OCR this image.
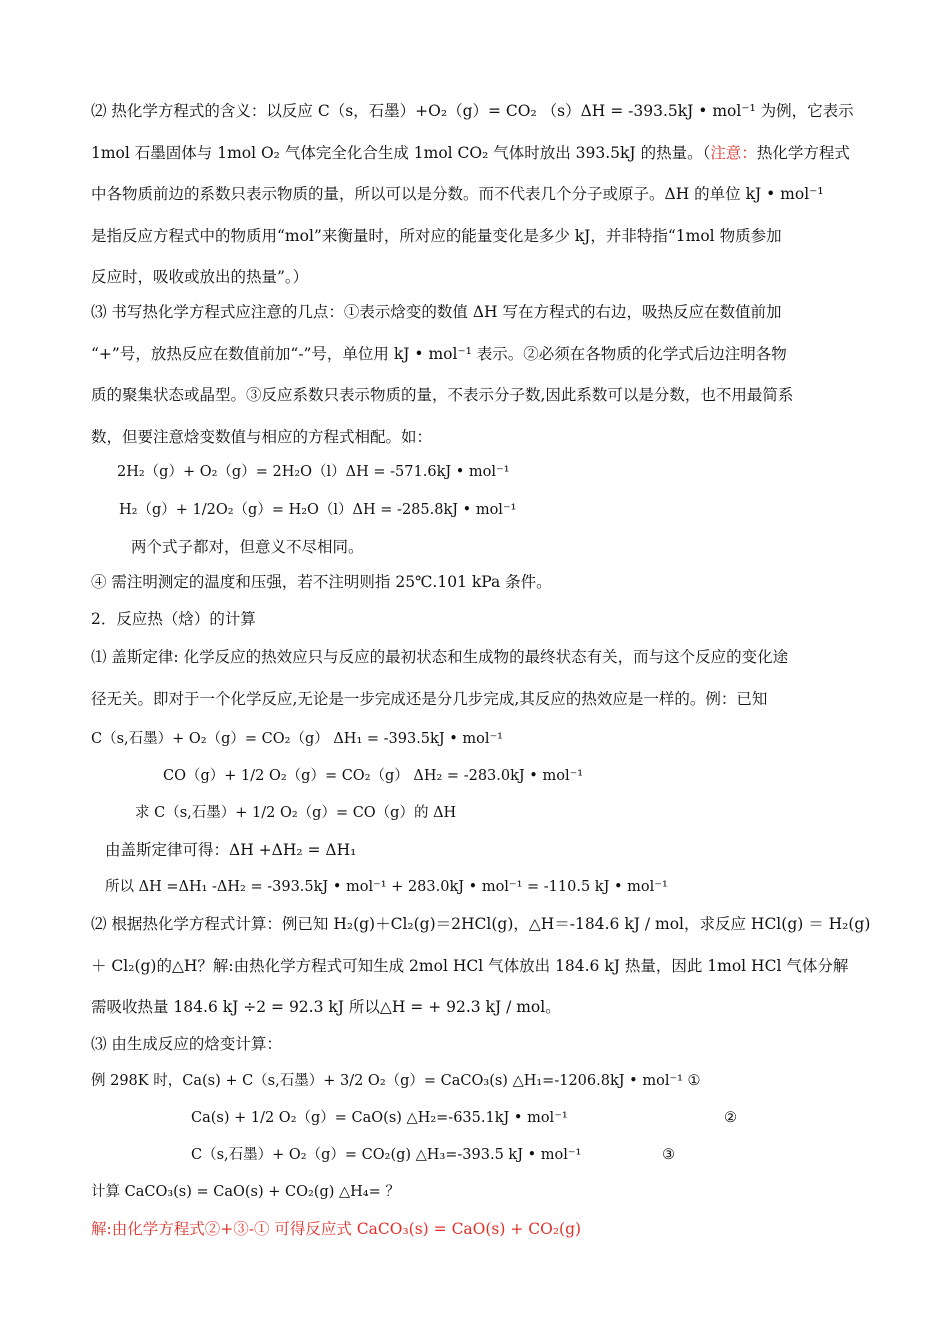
⑵ 热化学方程式的含义：以反应 C（s，石墨）+O₂（g）= CO₂ （s）ΔH = -393.5kJ • mol⁻¹ 为例，它表示
1mol 石墨固体与 1mol O₂ 气体完全化合生成 1mol CO₂ 气体时放出 393.5kJ 的热量。（注意：热化学方程式
中各物质前边的系数只表示物质的量，所以可以是分数。而不代表几个分子或原子。ΔH 的单位 kJ • mol⁻¹
是指反应方程式中的物质用“mol”来衡量时，所对应的能量变化是多少 kJ，并非特指“1mol 物质参加
反应时，吸收或放出的热量”。）
⑶ 书写热化学方程式应注意的几点：①表示焓变的数值 ΔH 写在方程式的右边，吸热反应在数值前加
“+”号，放热反应在数值前加“-”号，单位用 kJ • mol⁻¹ 表示。②必须在各物质的化学式后边注明各物
质的聚集状态或晶型。③反应系数只表示物质的量，不表示分子数,因此系数可以是分数，也不用最简系
数，但要注意焓变数值与相应的方程式相配。如：
2H₂（g）+ O₂（g）= 2H₂O（l）ΔH = -571.6kJ • mol⁻¹
H₂（g）+ 1/2O₂（g）= H₂O（l）ΔH = -285.8kJ • mol⁻¹
两个式子都对，但意义不尽相同。
④ 需注明测定的温度和压强，若不注明则指 25℃.101 kPa 条件。
2．反应热（焓）的计算
⑴ 盖斯定律: 化学反应的热效应只与反应的最初状态和生成物的最终状态有关，而与这个反应的变化途
径无关。即对于一个化学反应,无论是一步完成还是分几步完成,其反应的热效应是一样的。例：已知
C（s,石墨）+ O₂（g）= CO₂（g） ΔH₁ = -393.5kJ • mol⁻¹
CO（g）+ 1/2 O₂（g）= CO₂（g） ΔH₂ = -283.0kJ • mol⁻¹
求 C（s,石墨）+ 1/2 O₂（g）= CO（g）的 ΔH
由盖斯定律可得：ΔH +ΔH₂ = ΔH₁
所以 ΔH =ΔH₁ -ΔH₂ = -393.5kJ • mol⁻¹ + 283.0kJ • mol⁻¹ = -110.5 kJ • mol⁻¹
⑵ 根据热化学方程式计算：例已知 H₂(g)＋Cl₂(g)＝2HCl(g)，△H＝-184.6 kJ / mol，求反应 HCl(g) ＝ H₂(g)
＋ Cl₂(g)的△H？解:由热化学方程式可知生成 2mol HCl 气体放出 184.6 kJ 热量，因此 1mol HCl 气体分解
需吸收热量 184.6 kJ ÷2 = 92.3 kJ 所以△H = + 92.3 kJ / mol。
⑶ 由生成反应的焓变计算：
例 298K 时，Ca(s) + C（s,石墨）+ 3/2 O₂（g）= CaCO₃(s) △H₁=-1206.8kJ • mol⁻¹ ①
Ca(s) + 1/2 O₂（g）= CaO(s) △H₂=-635.1kJ • mol⁻¹	②
C（s,石墨）+ O₂（g）= CO₂(g) △H₃=-393.5 kJ • mol⁻¹	③
计算 CaCO₃(s) = CaO(s) + CO₂(g) △H₄= ？
解:由化学方程式②+③-① 可得反应式 CaCO₃(s) = CaO(s) + CO₂(g)
